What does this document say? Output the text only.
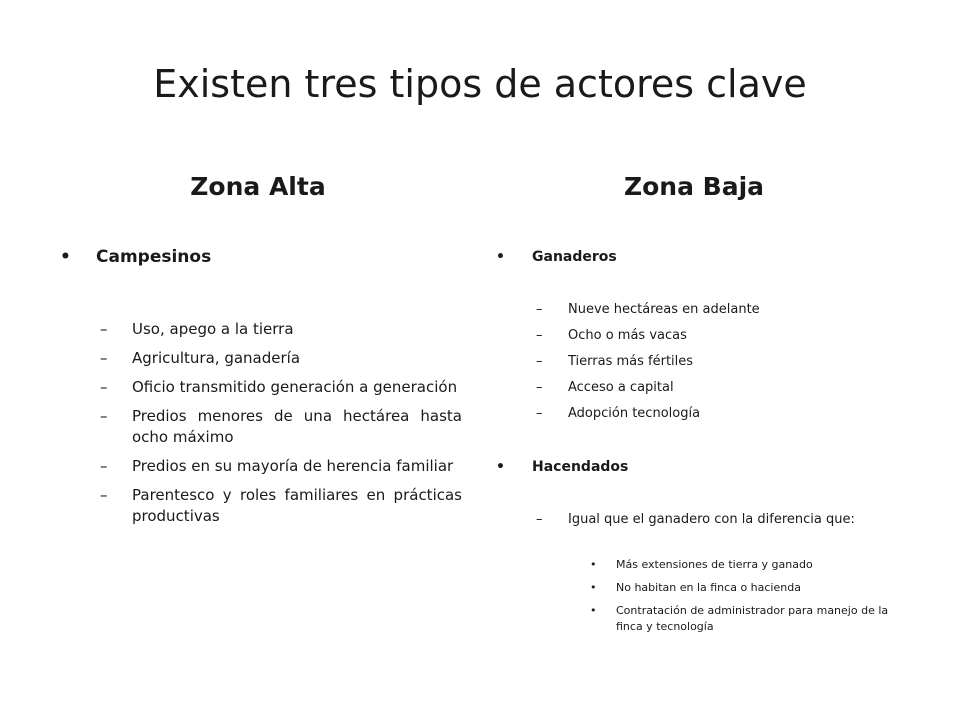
Existen tres tipos de actores clave
Zona Alta	Zona Baja
• Campesinos
– Uso, apego a la tierra
– Agricultura, ganadería
– Oficio transmitido generación a generación
– Predios menores de una hectárea hasta ocho máximo
– Predios en su mayoría de herencia familiar
– Parentesco y roles familiares en prácticas productivas
• Ganaderos
– Nueve hectáreas en adelante
– Ocho o más vacas
– Tierras más fértiles
– Acceso a capital
– Adopción tecnología
• Hacendados
– Igual que el ganadero con la diferencia que:
• Más extensiones de tierra y ganado
• No habitan en la finca o hacienda
• Contratación de administrador para manejo de la finca y tecnología
